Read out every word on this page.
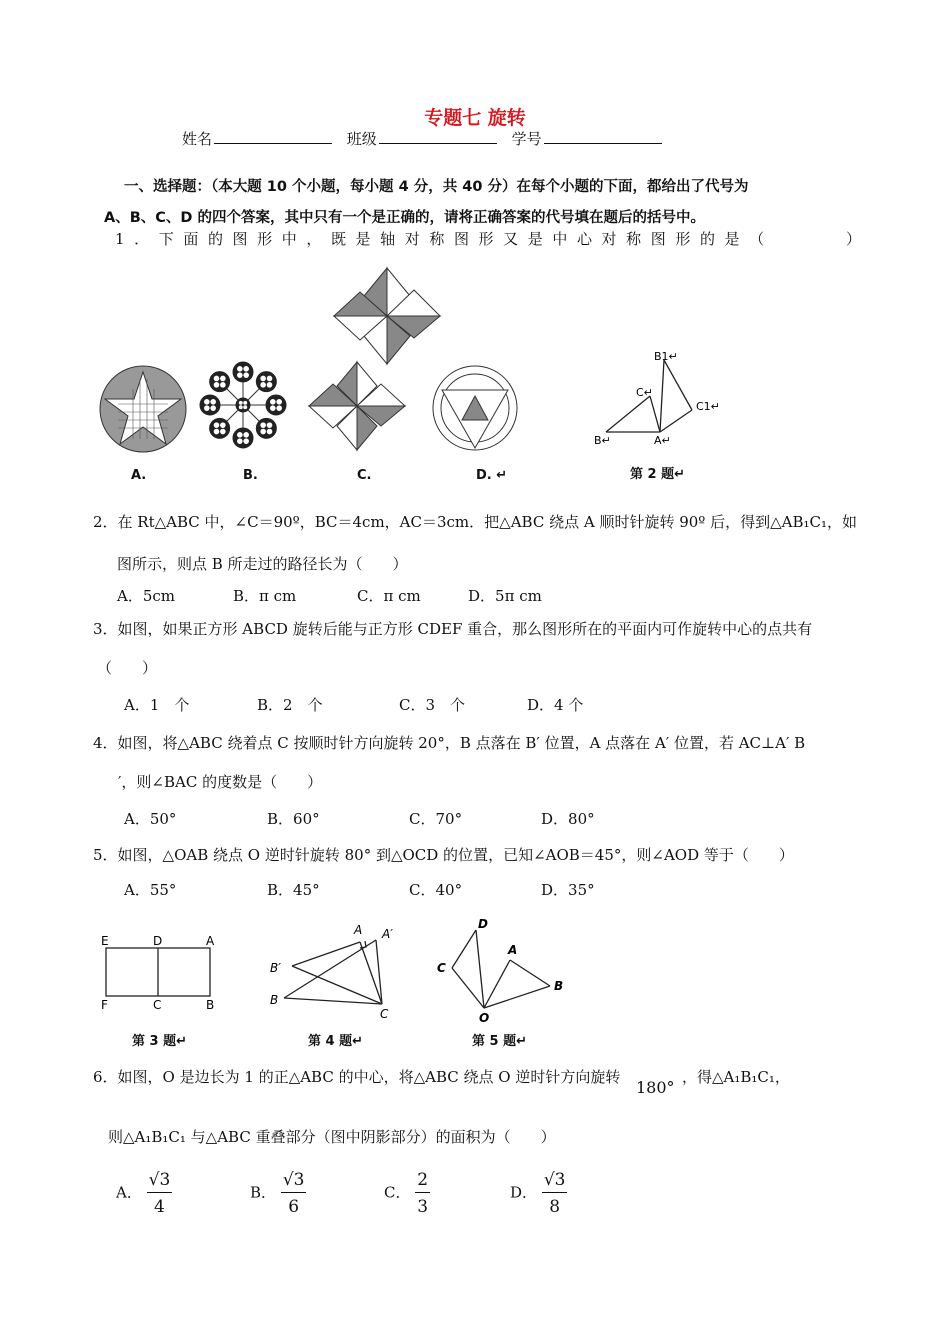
专题七 旋转
姓名	班级	学号
一、选择题：（本大题 10 个小题，每小题 4 分，共 40 分）在每个小题的下面，都给出了代号为
A、B、C、D 的四个答案，其中只有一个是正确的，请将正确答案的代号填在题后的括号中。
1．下面的图形中，既是轴对称图形又是中心对称图形的是（	）
A.	B.	C.	D. ↵
B1↵
C↵
C1↵
B↵	A↵
第 2 题↵
2．在 Rt△ABC 中，∠C＝90º，BC＝4cm，AC＝3cm．把△ABC 绕点 A 顺时针旋转 90º 后，得到△AB₁C₁，如
图所示，则点 B 所走过的路径长为（　　）
A．5cm	B．π cm	C．π cm	D．5π cm
3．如图，如果正方形 ABCD 旋转后能与正方形 CDEF 重合，那么图形所在的平面内可作旋转中心的点共有
（　　）
A．1　个	B．2　个	C．3　个	D．4 个
4．如图，将△ABC 绕着点 C 按顺时针方向旋转 20°，B 点落在 B′ 位置，A 点落在 A′ 位置，若 AC⊥A′ B
′，则∠BAC 的度数是（　　）
A．50°	B．60°	C．70°	D．80°
5．如图，△OAB 绕点 O 逆时针旋转 80° 到△OCD 的位置，已知∠AOB＝45°，则∠AOD 等于（　　）
A．55°	B．45°	C．40°	D．35°
E	D	A
F	C	B
第 3 题↵
A A′
B′
B
C
第 4 题↵
D
A
C
B
O
第 5 题↵
6．如图，O 是边长为 1 的正△ABC 的中心，将△ABC 绕点 O 逆时针方向旋转
180°
，得△A₁B₁C₁，
则△A₁B₁C₁ 与△ABC 重叠部分（图中阴影部分）的面积为（　　）
A． $\frac{√3}{4}$	B． $\frac{√3}{6}$	C． $\frac{2}{3}$	D． $\frac{√3}{8}$
